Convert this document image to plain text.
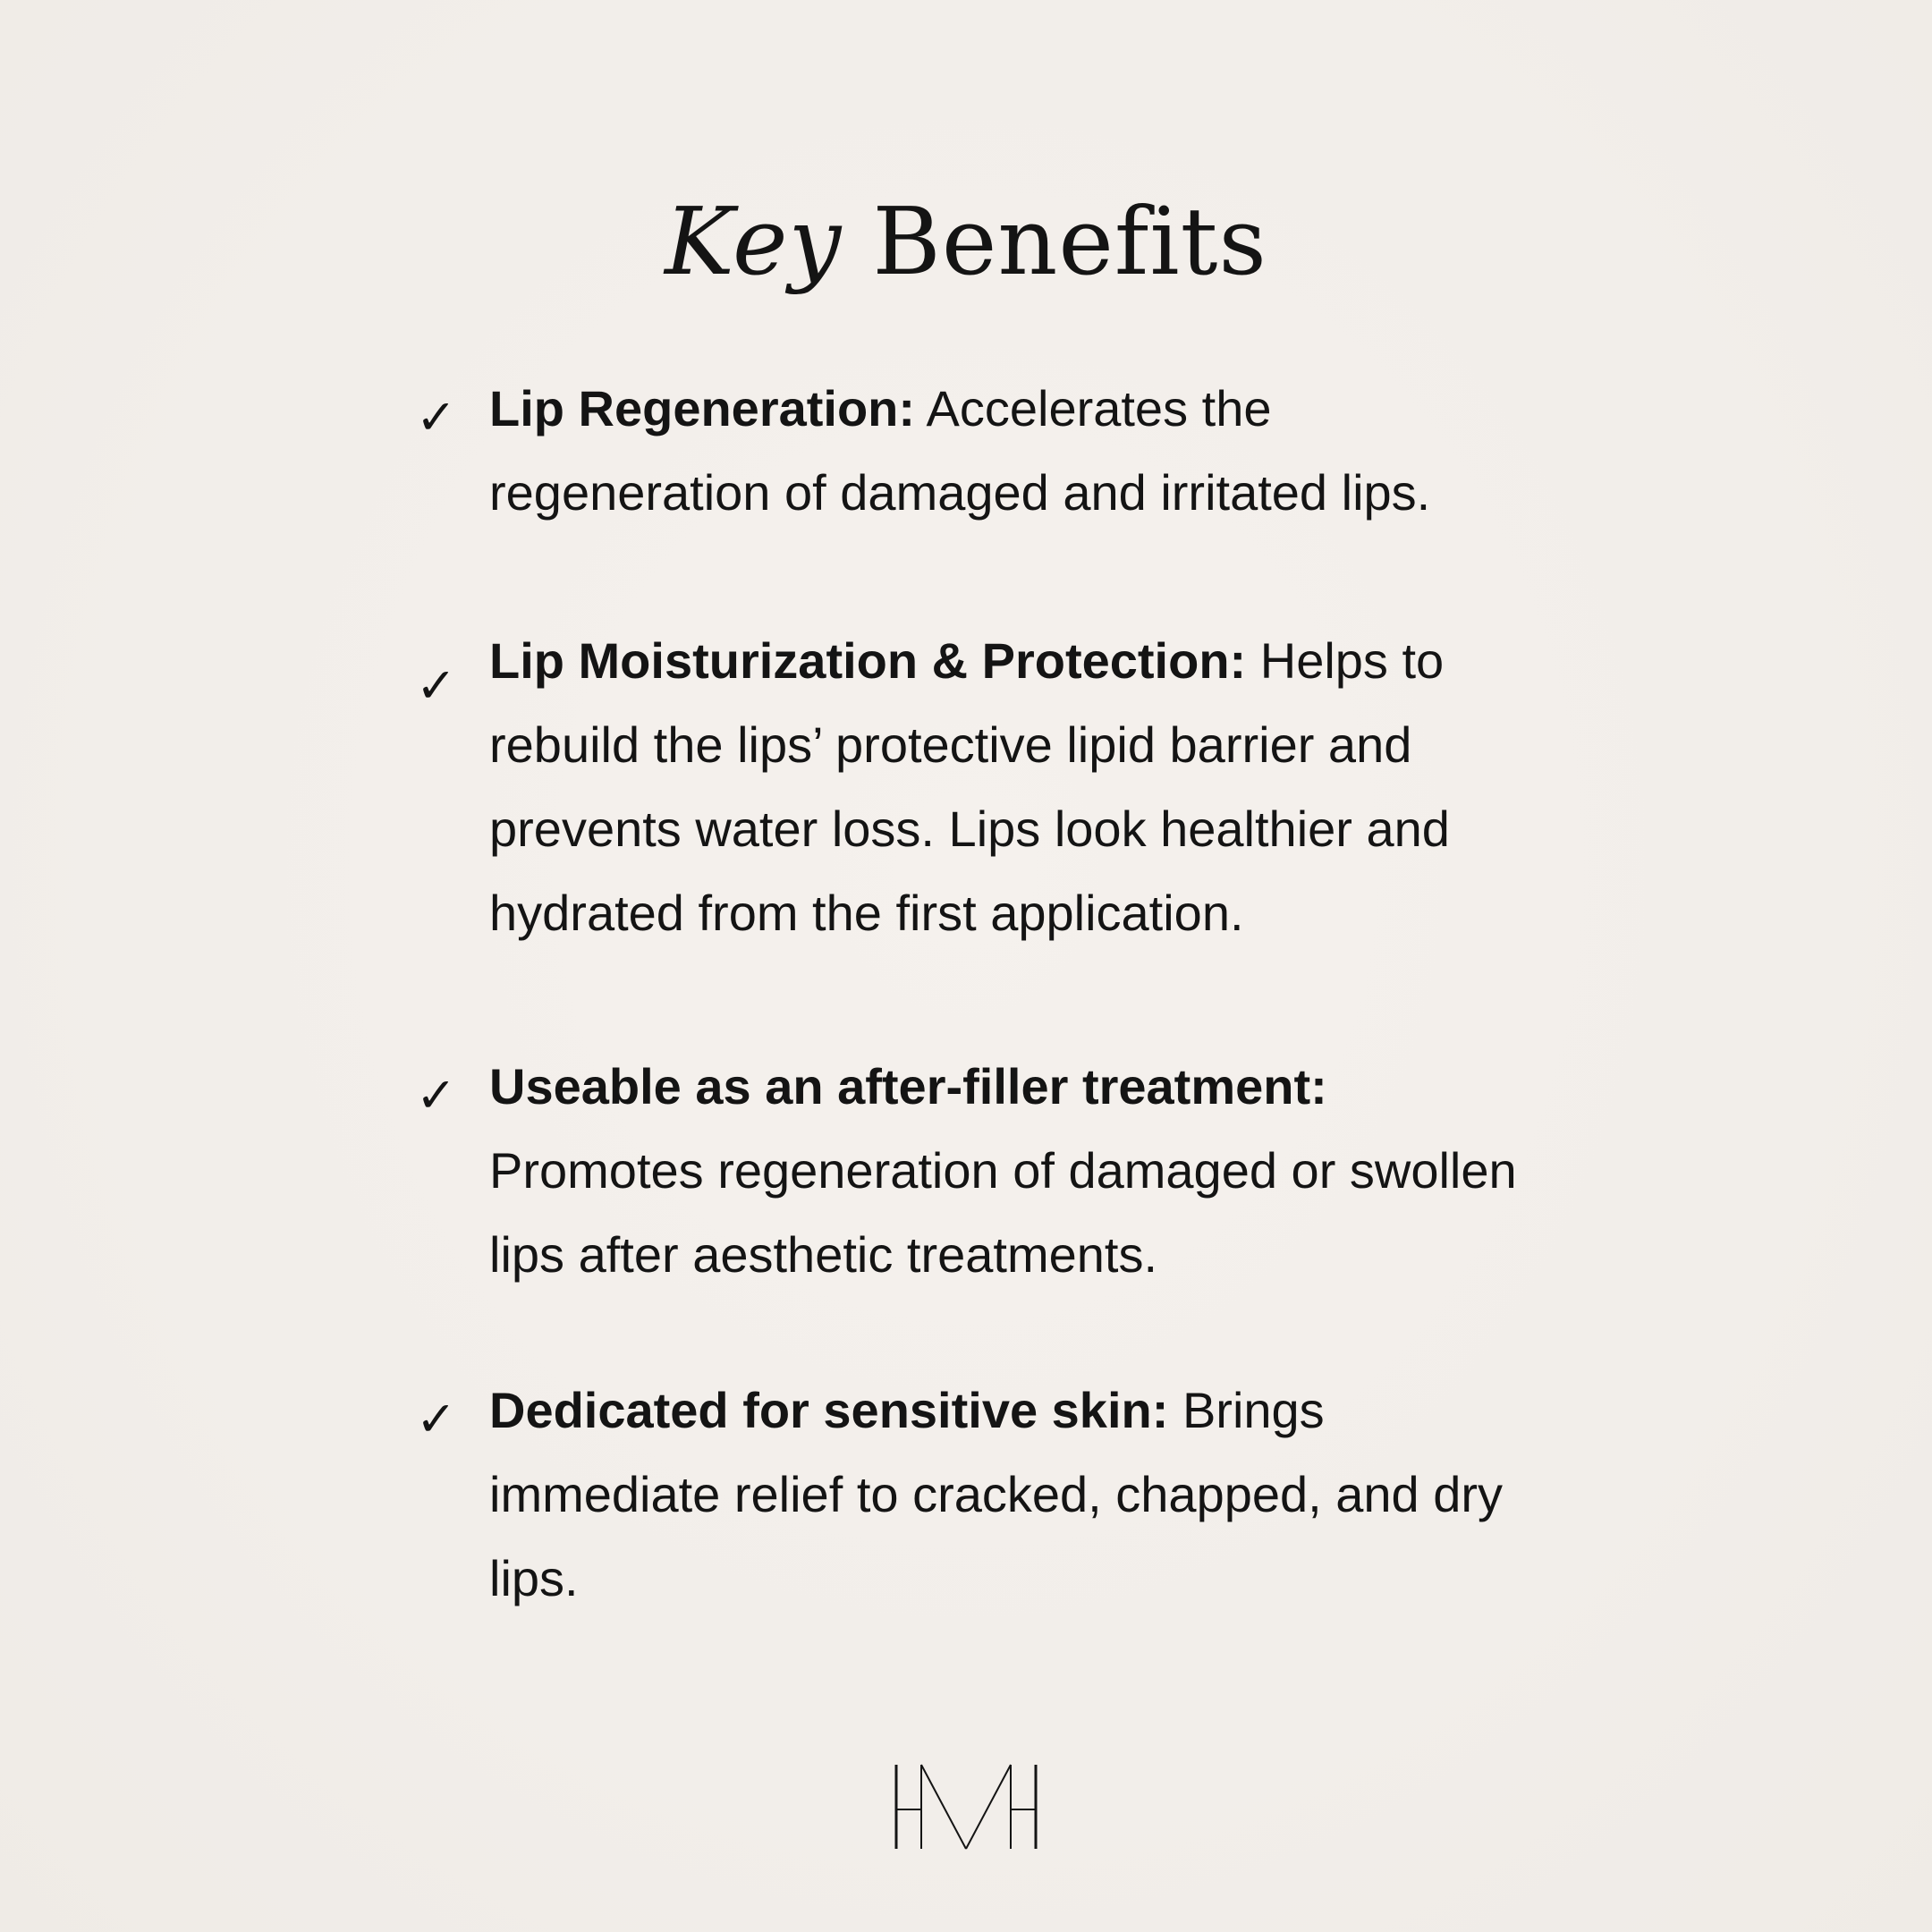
Key Benefits
✓ Lip Regeneration: Accelerates the regeneration of damaged and irritated lips.

✓ Lip Moisturization & Protection: Helps to rebuild the lips’ protective lipid barrier and prevents water loss. Lips look healthier and hydrated from the first application.

✓ Useable as an after-filler treatment: Promotes regeneration of damaged or swollen lips after aesthetic treatments.

✓ Dedicated for sensitive skin: Brings immediate relief to cracked, chapped, and dry lips.
